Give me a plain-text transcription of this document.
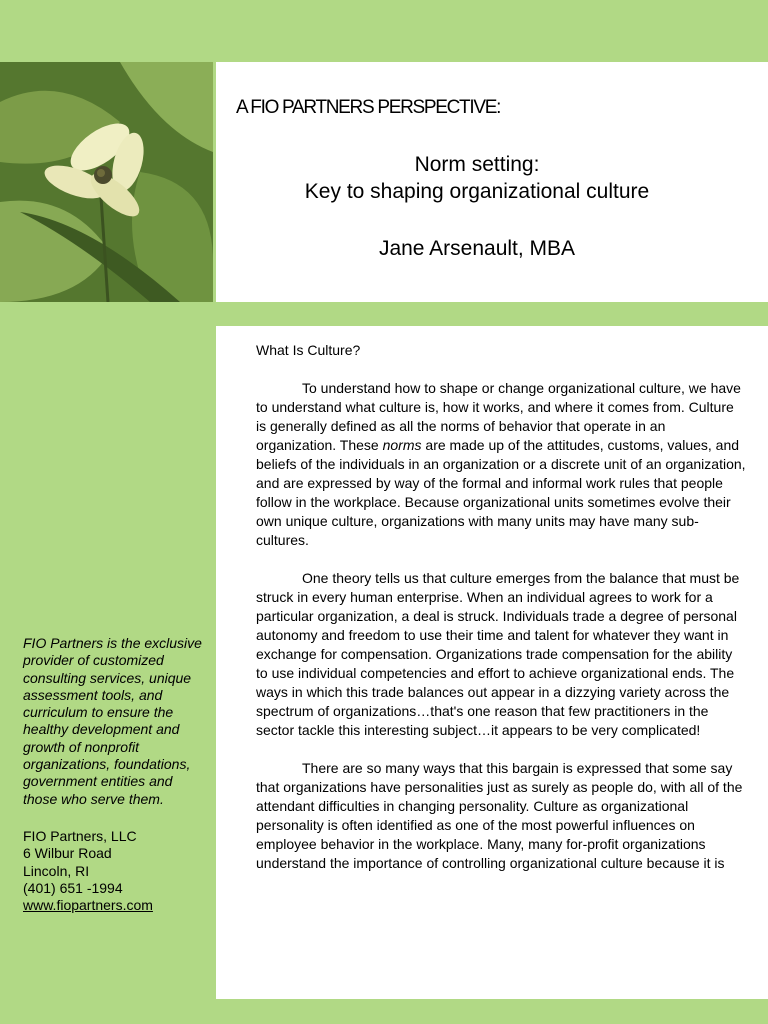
A FIO PARTNERS PERSPECTIVE:
Norm setting:
Key to shaping organizational culture
Jane Arsenault, MBA
FIO Partners is the exclusive provider of customized consulting services, unique assessment tools, and curriculum to ensure the healthy development and growth of nonprofit organizations, foundations, government entities and those who serve them.
FIO Partners, LLC
6 Wilbur Road
Lincoln, RI
(401) 651 -1994
www.fiopartners.com

What Is Culture?

To understand how to shape or change organizational culture, we have to understand what culture is, how it works, and where it comes from. Culture is generally defined as all the norms of behavior that operate in an organization. These norms are made up of the attitudes, customs, values, and beliefs of the individuals in an organization or a discrete unit of an organization, and are expressed by way of the formal and informal work rules that people follow in the workplace. Because organizational units sometimes evolve their own unique culture, organizations with many units may have many sub-cultures.

One theory tells us that culture emerges from the balance that must be struck in every human enterprise. When an individual agrees to work for a particular organization, a deal is struck. Individuals trade a degree of personal autonomy and freedom to use their time and talent for whatever they want in exchange for compensation. Organizations trade compensation for the ability to use individual competencies and effort to achieve organizational ends. The ways in which this trade balances out appear in a dizzying variety across the spectrum of organizations…that's one reason that few practitioners in the sector tackle this interesting subject…it appears to be very complicated!

There are so many ways that this bargain is expressed that some say that organizations have personalities just as surely as people do, with all of the attendant difficulties in changing personality. Culture as organizational personality is often identified as one of the most powerful influences on employee behavior in the workplace. Many, many for-profit organizations understand the importance of controlling organizational culture because it is
